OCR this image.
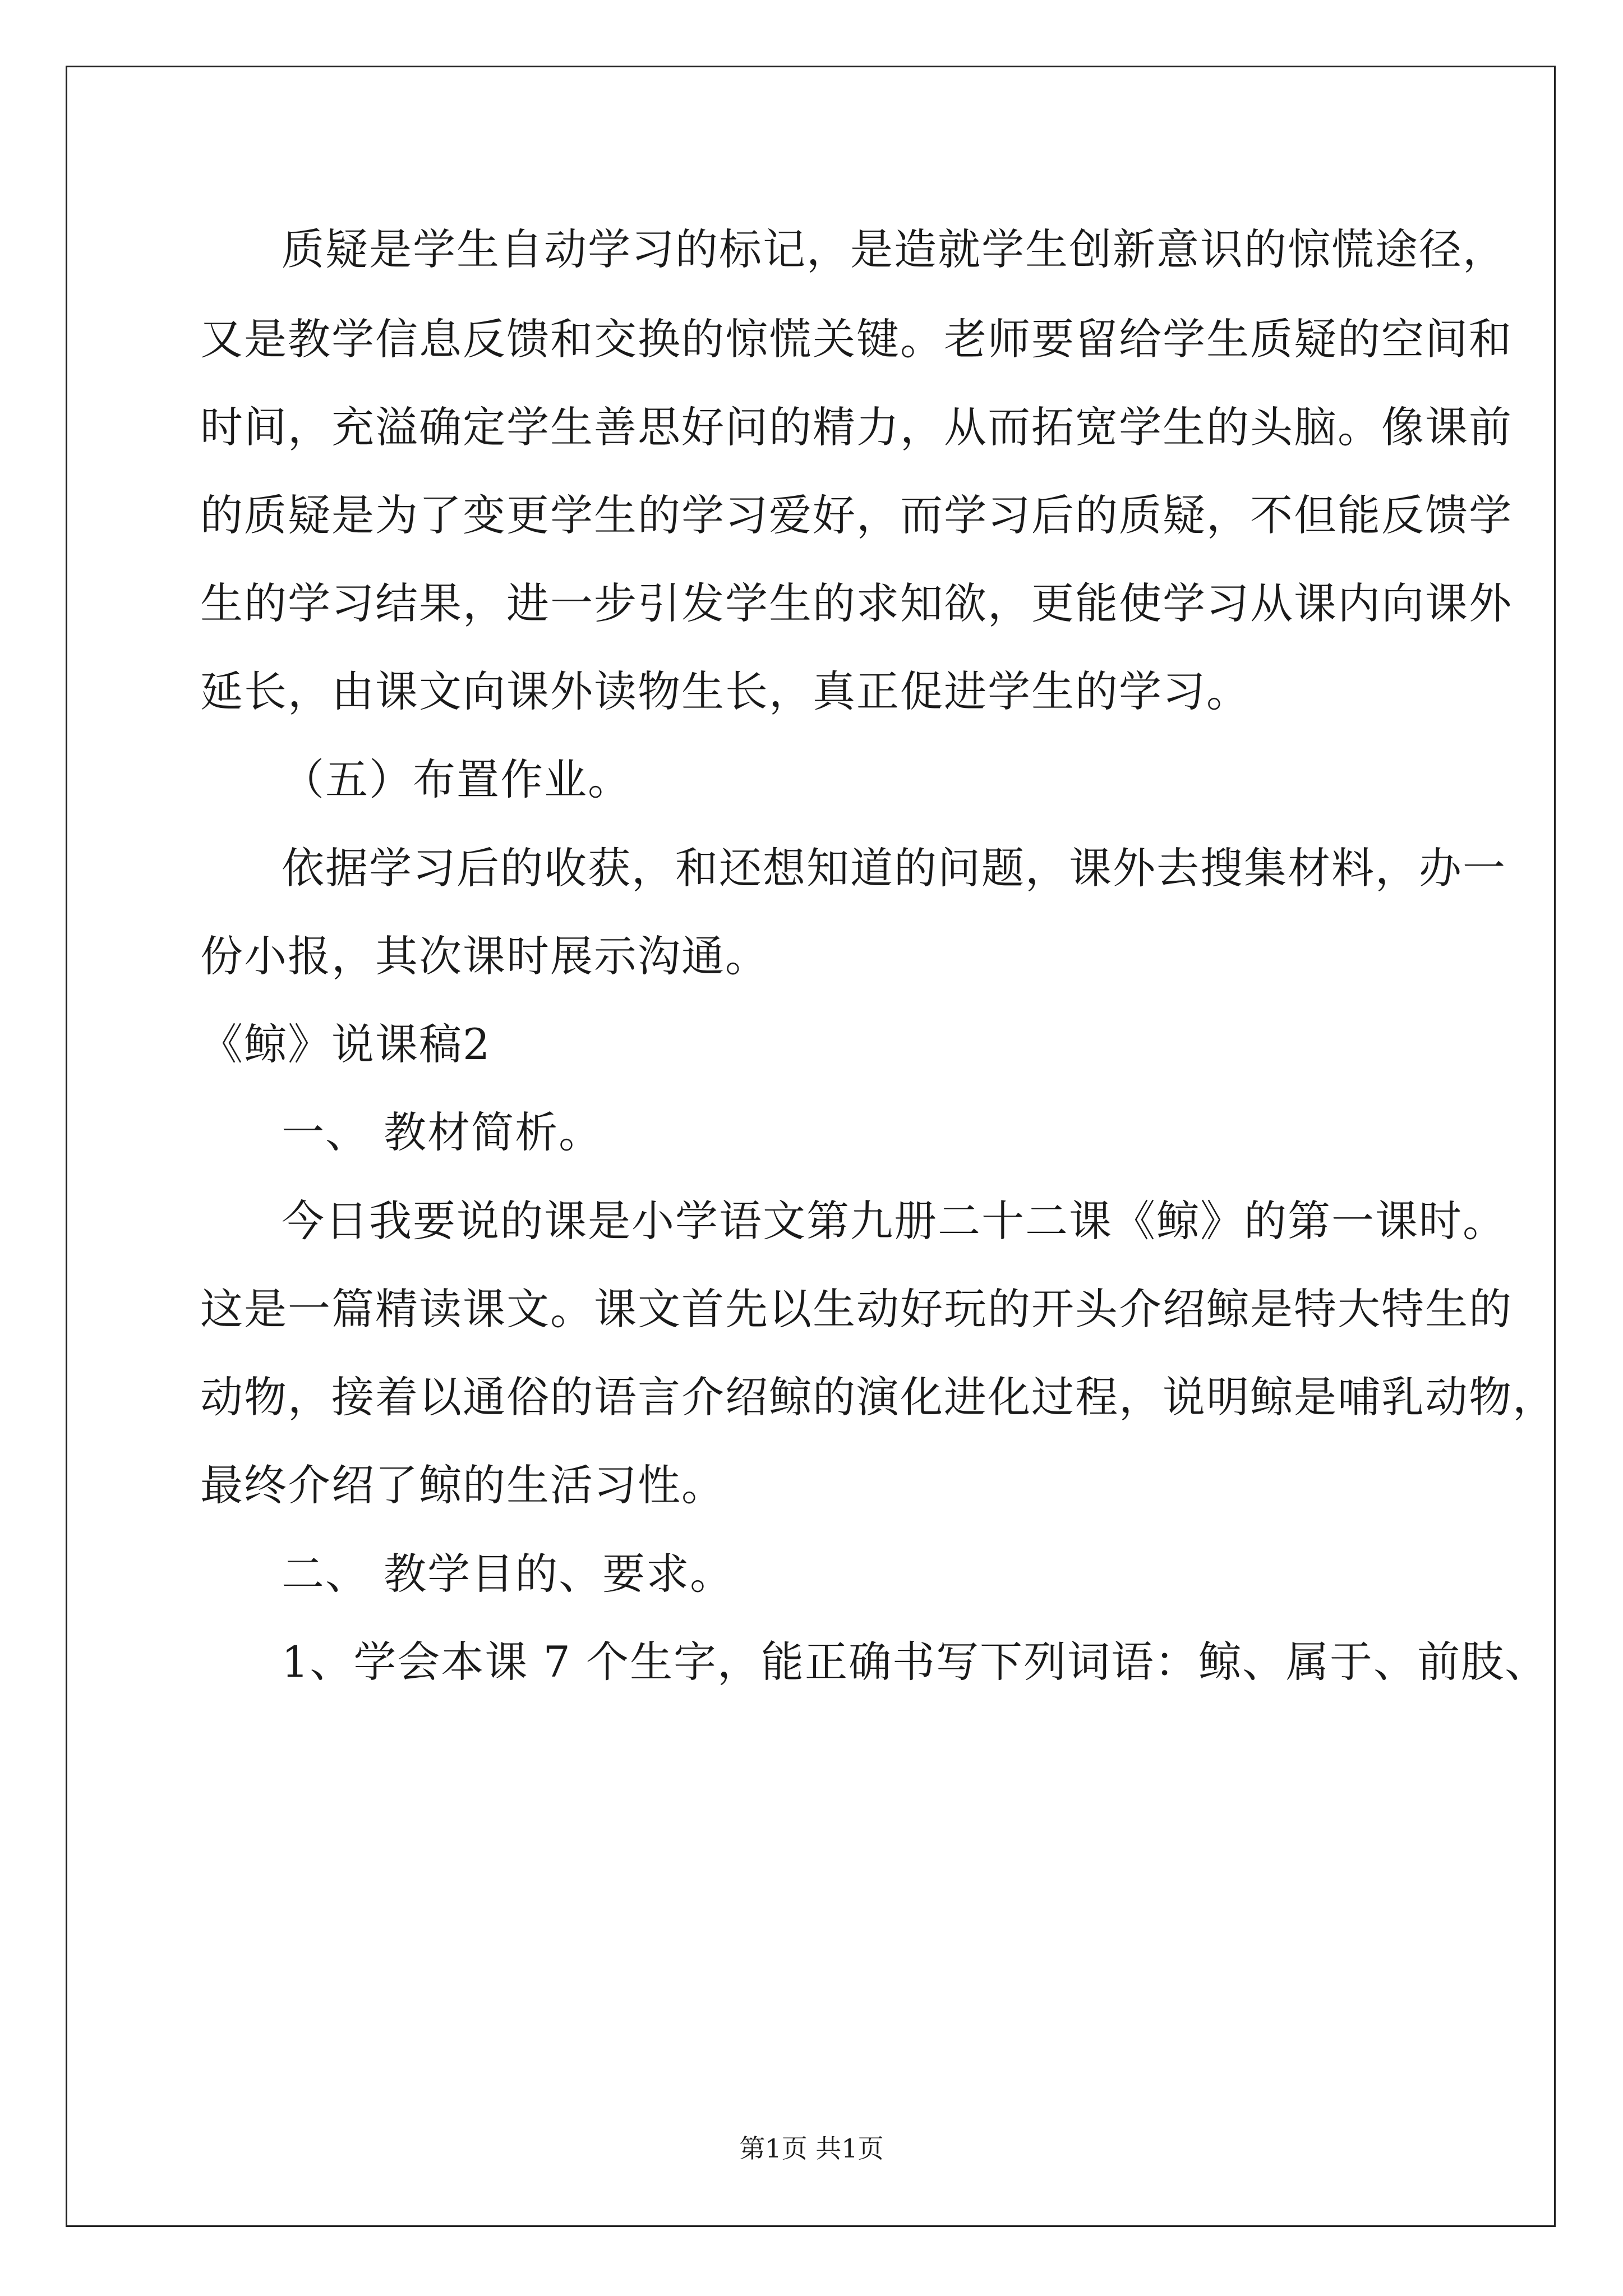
质疑是学生自动学习的标记，是造就学生创新意识的惊慌途径，
又是教学信息反馈和交换的惊慌关键。老师要留给学生质疑的空间和
时间，充溢确定学生善思好问的精力，从而拓宽学生的头脑。像课前
的质疑是为了变更学生的学习爱好，而学习后的质疑，不但能反馈学
生的学习结果，进一步引发学生的求知欲，更能使学习从课内向课外
延长，由课文向课外读物生长，真正促进学生的学习。
（五）布置作业。
依据学习后的收获，和还想知道的问题，课外去搜集材料，办一
份小报，其次课时展示沟通。
《鲸》说课稿2
一、 教材简析。
今日我要说的课是小学语文第九册二十二课《鲸》的第一课时。
这是一篇精读课文。课文首先以生动好玩的开头介绍鲸是特大特生的
动物，接着以通俗的语言介绍鲸的演化进化过程，说明鲸是哺乳动物，
最终介绍了鲸的生活习性。
二、 教学目的、要求。
1、学会本课 7 个生字，能正确书写下列词语：鲸、属于、前肢、
第1页 共1页
